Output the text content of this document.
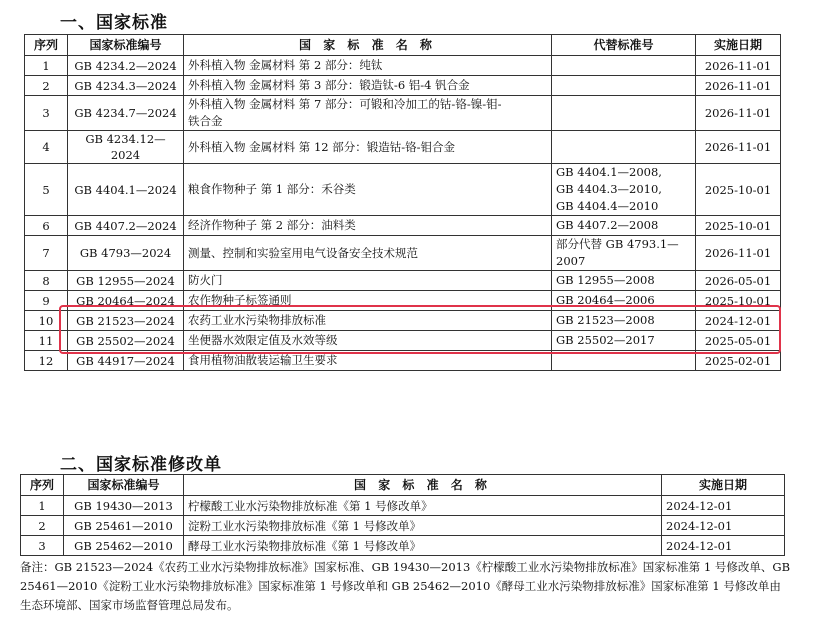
一、国家标准
序列	国家标准编号	国 家 标 准 名 称	代替标准号	实施日期
1	GB 4234.2—2024	外科植入物 金属材料 第 2 部分：纯钛		2026-11-01
2	GB 4234.3—2024	外科植入物 金属材料 第 3 部分：锻造钛-6 铝-4 钒合金		2026-11-01
3	GB 4234.7—2024	外科植入物 金属材料 第 7 部分：可锻和冷加工的钴-铬-镍-钼-
铁合金		2026-11-01
4	GB 4234.12—2024	外科植入物 金属材料 第 12 部分：锻造钴-铬-钼合金		2026-11-01
5	GB 4404.1—2024	粮食作物种子 第 1 部分：禾谷类	GB 4404.1—2008,
GB 4404.3—2010,
GB 4404.4—2010	2025-10-01
6	GB 4407.2—2024	经济作物种子 第 2 部分：油料类	GB 4407.2—2008	2025-10-01
7	GB 4793—2024	测量、控制和实验室用电气设备安全技术规范	部分代替 GB 4793.1—
2007	2026-11-01
8	GB 12955—2024	防火门	GB 12955—2008	2026-05-01
9	GB 20464—2024	农作物种子标签通则	GB 20464—2006	2025-10-01
10	GB 21523—2024	农药工业水污染物排放标准	GB 21523—2008	2024-12-01
11	GB 25502—2024	坐便器水效限定值及水效等级	GB 25502—2017	2025-05-01
12	GB 44917—2024	食用植物油散装运输卫生要求		2025-02-01
二、国家标准修改单
序列	国家标准编号	国 家 标 准 名 称	实施日期
1	GB 19430—2013	柠檬酸工业水污染物排放标准《第 1 号修改单》	2024-12-01
2	GB 25461—2010	淀粉工业水污染物排放标准《第 1 号修改单》	2024-12-01
3	GB 25462—2010	酵母工业水污染物排放标准《第 1 号修改单》	2024-12-01
备注：GB 21523—2024《农药工业水污染物排放标准》国家标准、GB 19430—2013《柠檬酸工业水污染物排放标准》国家标准第 1 号修改单、GB 25461—2010《淀粉工业水污染物排放标准》国家标准第 1 号修改单和 GB 25462—2010《酵母工业水污染物排放标准》国家标准第 1 号修改单由生态环境部、国家市场监督管理总局发布。
